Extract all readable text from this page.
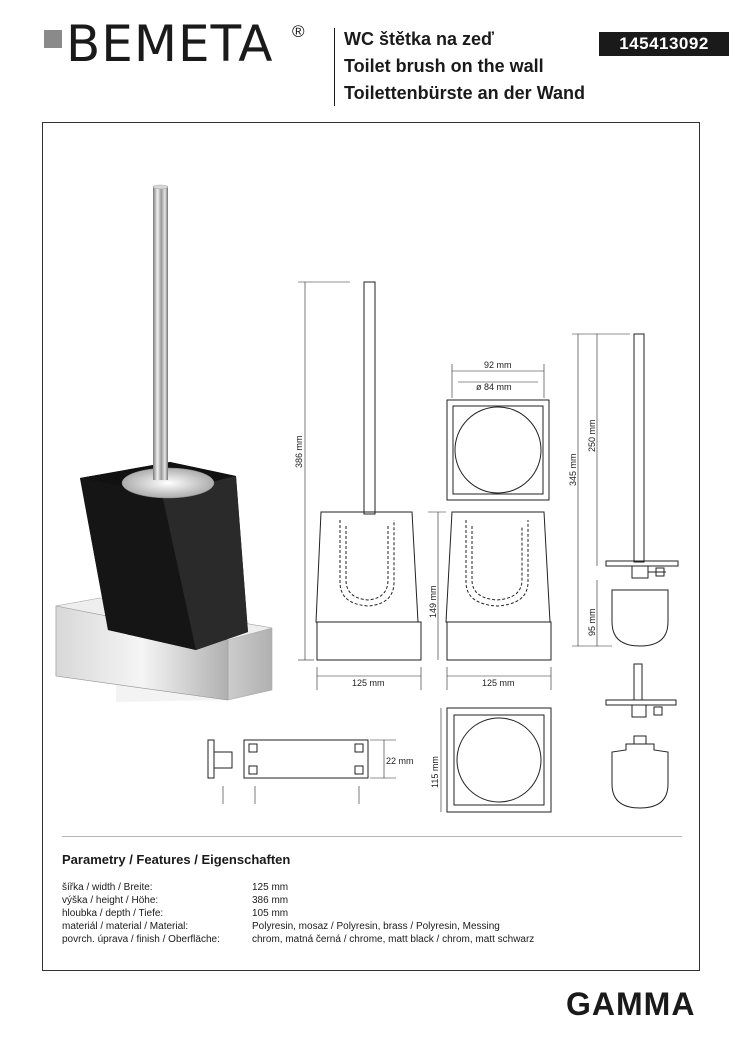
BEMETA ® WC štětka na zeď
Toilet brush on the wall
Toilettenbürste an der Wand
145413092
386 mm
125 mm
149 mm
92 mm
ø 84 mm
125 mm
115 mm
345 mm
250 mm
95 mm
22 mm
Parametry / Features / Eigenschaften
šířka / width / Breite:	125 mm
výška / height / Höhe:	386 mm
hloubka / depth / Tiefe:	105 mm
materiál / material / Material:	Polyresin, mosaz / Polyresin, brass / Polyresin, Messing
povrch. úprava / finish / Oberfläche:	chrom, matná černá / chrome, matt black / chrom, matt schwarz
GAMMA
